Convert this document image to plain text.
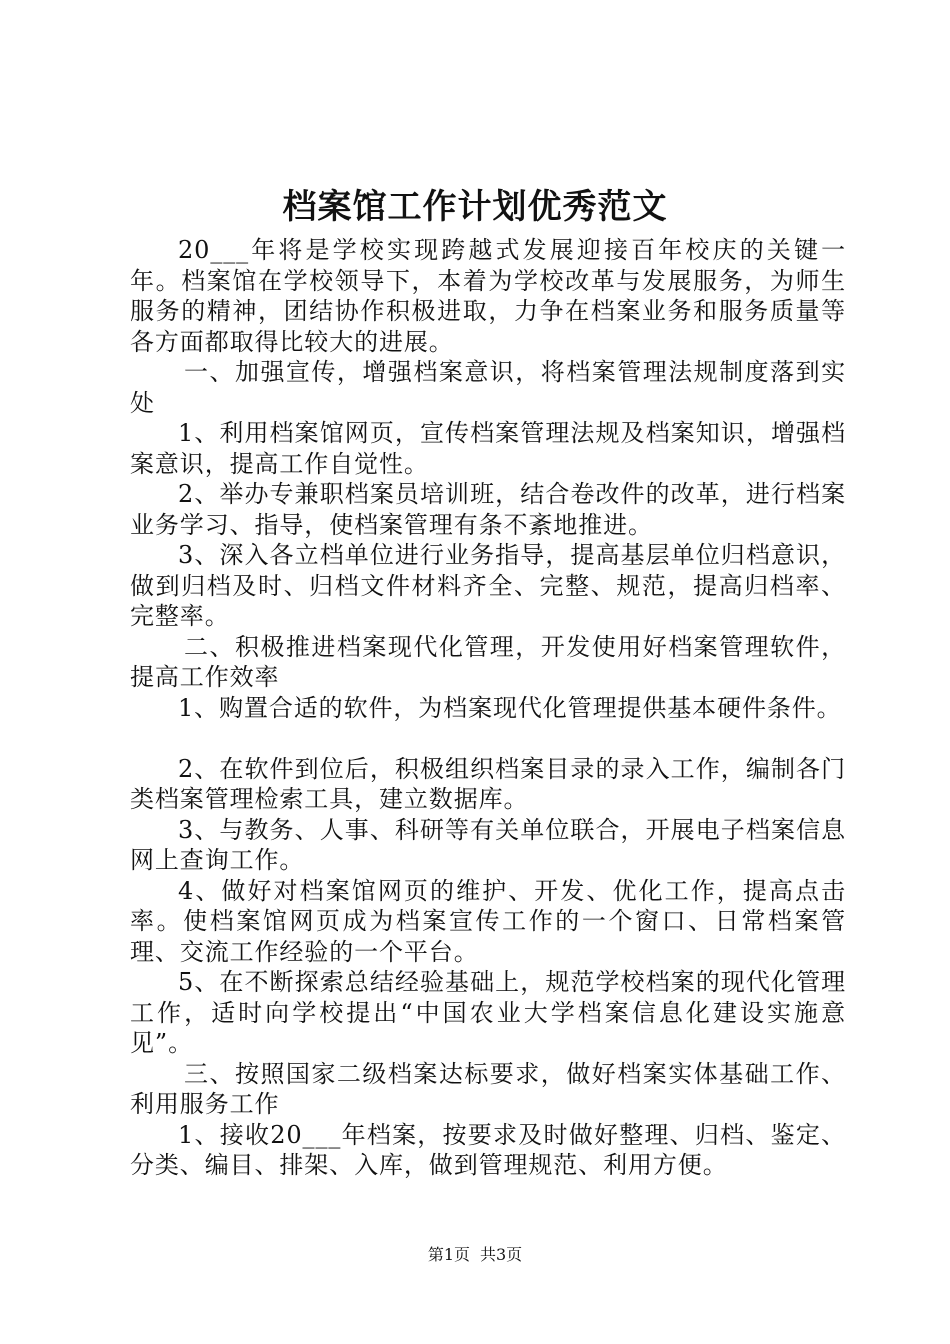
档案馆工作计划优秀范文

20___年将是学校实现跨越式发展迎接百年校庆的关键一年。档案馆在学校领导下，本着为学校改革与发展服务，为师生服务的精神，团结协作积极进取，力争在档案业务和服务质量等各方面都取得比较大的进展。

一、加强宣传，增强档案意识，将档案管理法规制度落到实处

1、利用档案馆网页，宣传档案管理法规及档案知识，增强档案意识，提高工作自觉性。

2、举办专兼职档案员培训班，结合卷改件的改革，进行档案业务学习、指导，使档案管理有条不紊地推进。

3、深入各立档单位进行业务指导，提高基层单位归档意识，做到归档及时、归档文件材料齐全、完整、规范，提高归档率、完整率。

二、积极推进档案现代化管理，开发使用好档案管理软件，提高工作效率

1、购置合适的软件，为档案现代化管理提供基本硬件条件。

2、在软件到位后，积极组织档案目录的录入工作，编制各门类档案管理检索工具，建立数据库。

3、与教务、人事、科研等有关单位联合，开展电子档案信息网上查询工作。

4、做好对档案馆网页的维护、开发、优化工作，提高点击率。使档案馆网页成为档案宣传工作的一个窗口、日常档案管理、交流工作经验的一个平台。

5、在不断探索总结经验基础上，规范学校档案的现代化管理工作，适时向学校提出“中国农业大学档案信息化建设实施意见”。

三、按照国家二级档案达标要求，做好档案实体基础工作、利用服务工作

1、接收20___年档案，按要求及时做好整理、归档、鉴定、分类、编目、排架、入库，做到管理规范、利用方便。

第1页 共3页
